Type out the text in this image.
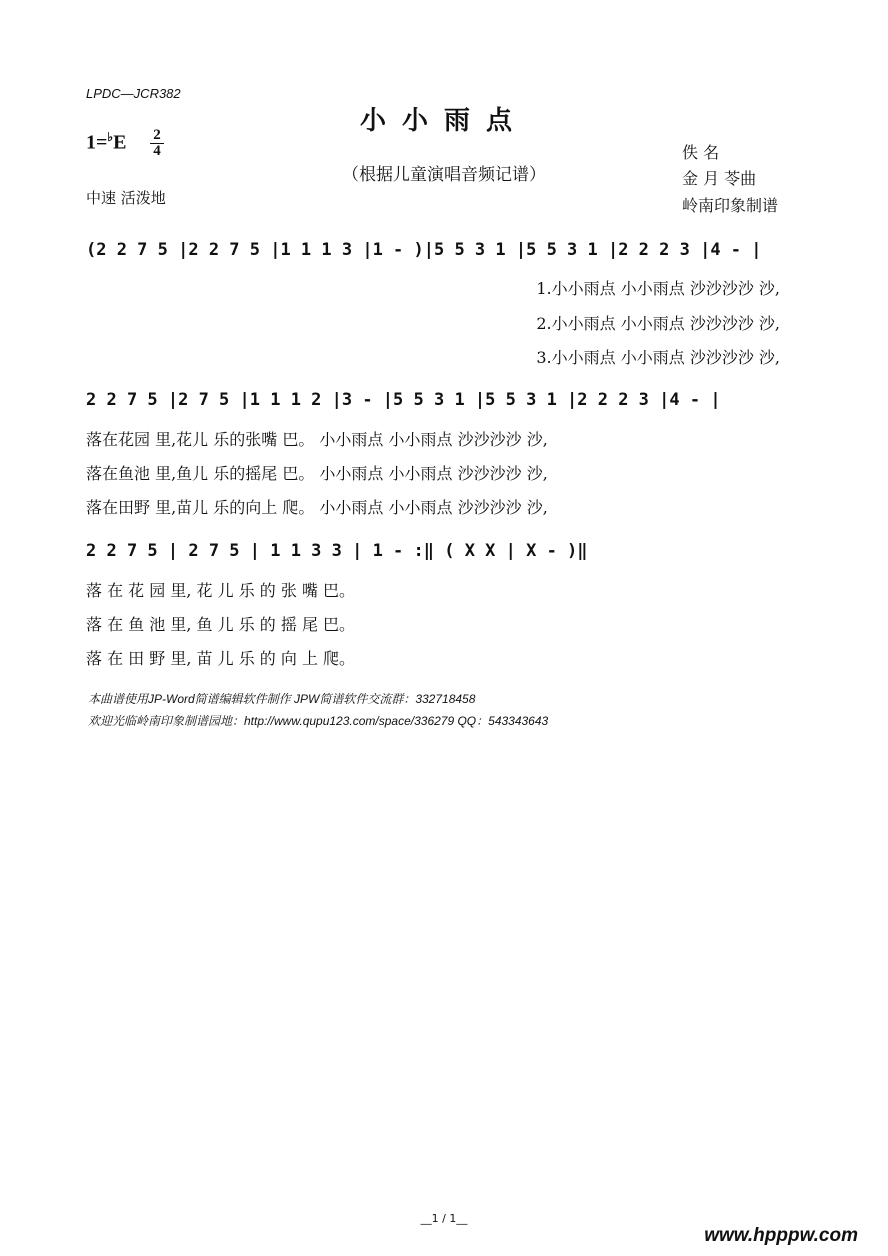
LPDC—JCR382
小小雨点
（根据儿童演唱音频记谱）
1=♭E 2
4
中速 活泼地
佚 名
金 月 苓曲
岭南印象制谱
(2 2 7 5 |2 2 7 5 |1 1 1 3 |1 - )|5 5 3 1 |5 5 3 1 |2 2 2 3 |4 - |
1.小小雨点 小小雨点 沙沙沙沙 沙,
2.小小雨点 小小雨点 沙沙沙沙 沙,
3.小小雨点 小小雨点 沙沙沙沙 沙,
2 2 7 5 |2 7 5 |1 1 1 2 |3 - |5 5 3 1 |5 5 3 1 |2 2 2 3 |4 - |
落在花园 里,花儿 乐的张嘴 巴。 小小雨点 小小雨点 沙沙沙沙 沙,
落在鱼池 里,鱼儿 乐的摇尾 巴。 小小雨点 小小雨点 沙沙沙沙 沙,
落在田野 里,苗儿 乐的向上 爬。 小小雨点 小小雨点 沙沙沙沙 沙,
2 2 7 5 | 2 7 5 | 1 1 3 3 | 1 - :‖ ( X X | X - )‖
落 在 花 园 里, 花 儿 乐 的 张 嘴 巴。
落 在 鱼 池 里, 鱼 儿 乐 的 摇 尾 巴。
落 在 田 野 里, 苗 儿 乐 的 向 上 爬。
本曲谱使用JP-Word简谱编辑软件制作 JPW简谱软件交流群：332718458
欢迎光临岭南印象制谱园地：http://www.qupu123.com/space/336279 QQ：543343643
__1 / 1__
www.hpppw.com
